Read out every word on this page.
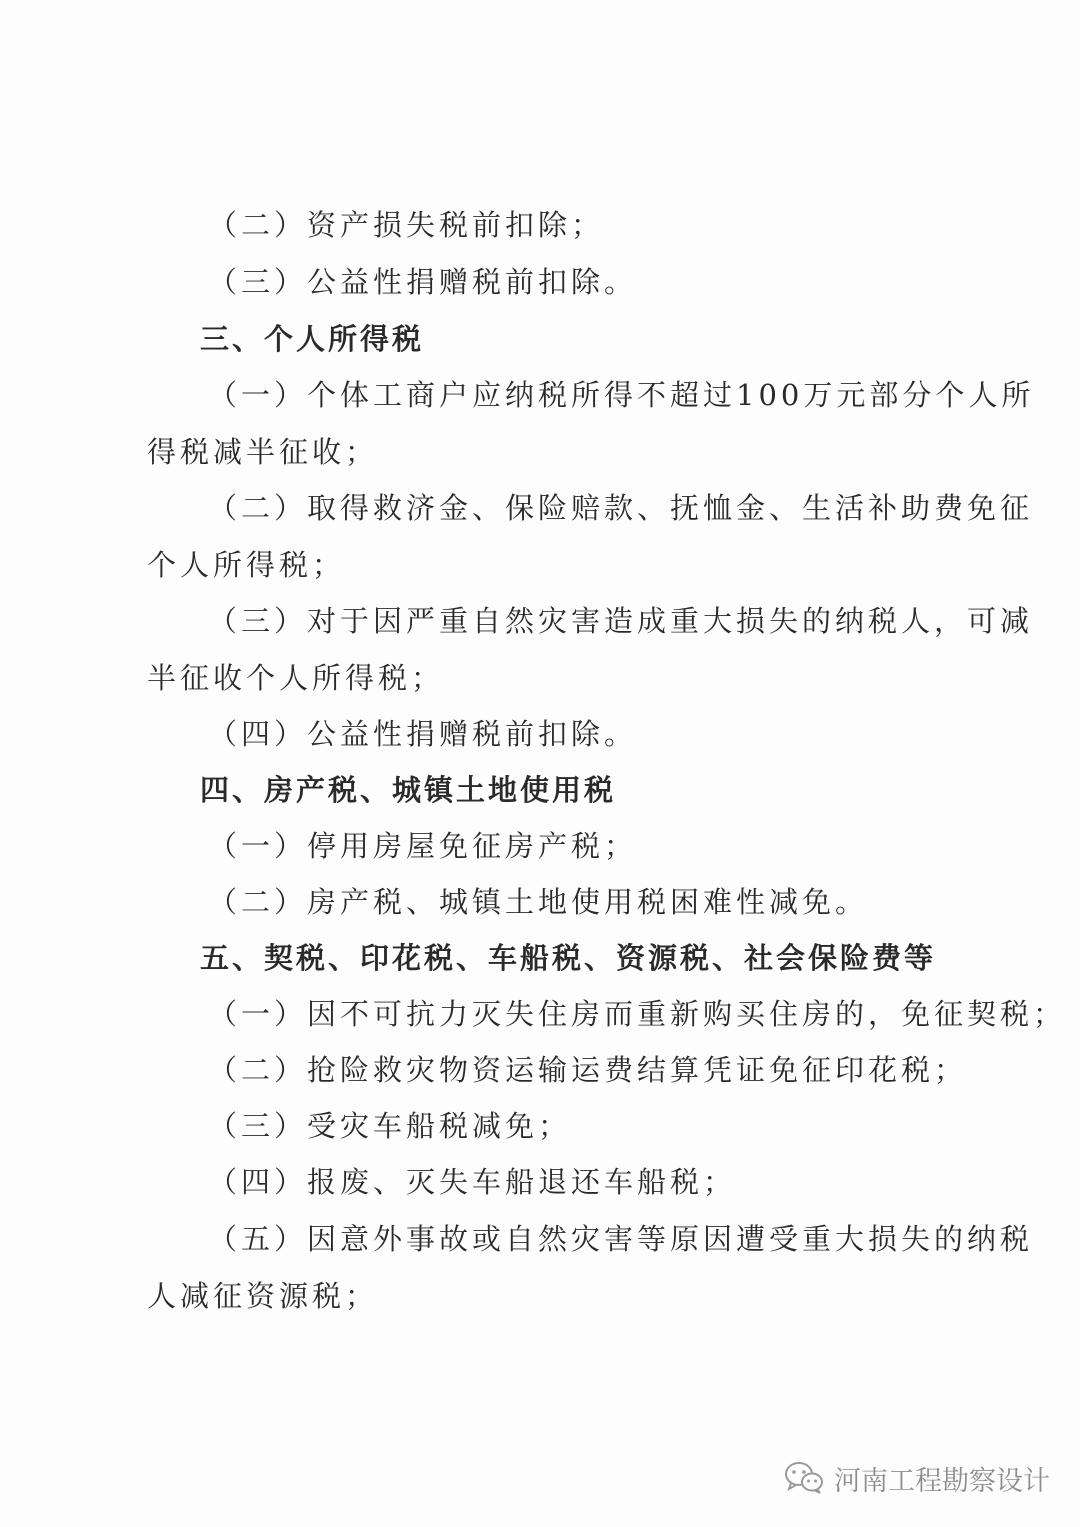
（二）资产损失税前扣除；
（三）公益性捐赠税前扣除。
三、个人所得税
（一）个体工商户应纳税所得不超过100万元部分个人所
得税减半征收；
（二）取得救济金、保险赔款、抚恤金、生活补助费免征
个人所得税；
（三）对于因严重自然灾害造成重大损失的纳税人，可减
半征收个人所得税；
（四）公益性捐赠税前扣除。
四、房产税、城镇土地使用税
（一）停用房屋免征房产税；
（二）房产税、城镇土地使用税困难性减免。
五、契税、印花税、车船税、资源税、社会保险费等
（一）因不可抗力灭失住房而重新购买住房的，免征契税；
（二）抢险救灾物资运输运费结算凭证免征印花税；
（三）受灾车船税减免；
（四）报废、灭失车船退还车船税；
（五）因意外事故或自然灾害等原因遭受重大损失的纳税
人减征资源税；
河南工程勘察设计
